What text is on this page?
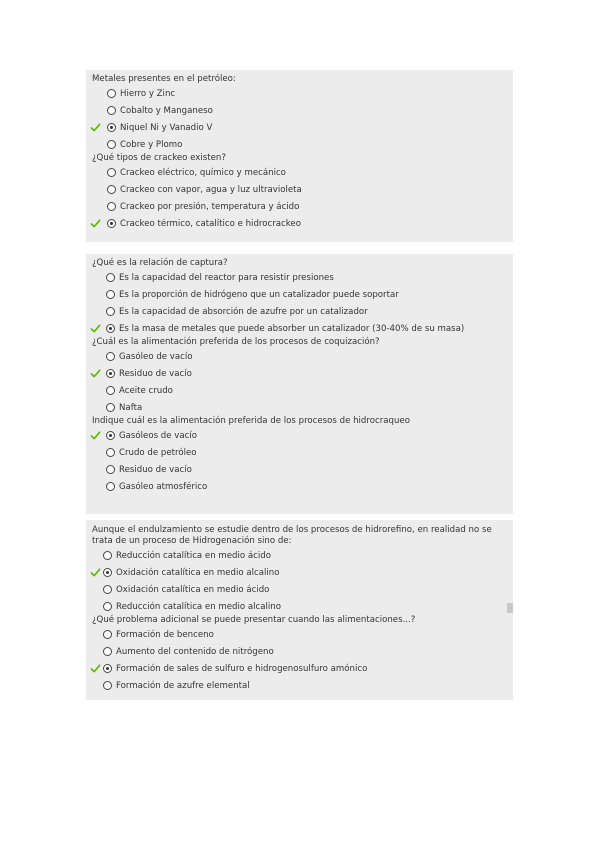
Metales presentes en el petróleo:
Hierro y Zinc
Cobalto y Manganeso
Niquel Ni y Vanadio V
Cobre y Plomo
¿Qué tipos de crackeo existen?
Crackeo eléctrico, químico y mecánico
Crackeo con vapor, agua y luz ultravioleta
Crackeo por presión, temperatura y ácido
Crackeo térmico, catalítico e hidrocrackeo
¿Qué es la relación de captura?
Es la capacidad del reactor para resistir presiones
Es la proporción de hidrógeno que un catalizador puede soportar
Es la capacidad de absorción de azufre por un catalizador
Es la masa de metales que puede absorber un catalizador (30-40% de su masa)
¿Cuál es la alimentación preferida de los procesos de coquización?
Gasóleo de vacío
Residuo de vacío
Aceite crudo
Nafta
Indique cuál es la alimentación preferida de los procesos de hidrocraqueo
Gasóleos de vacío
Crudo de petróleo
Residuo de vacío
Gasóleo atmosférico
Aunque el endulzamiento se estudie dentro de los procesos de hidrorefino, en realidad no se trata de un proceso de Hidrogenación sino de:
Reducción catalítica en medio ácido
Oxidación catalítica en medio alcalino
Oxidación catalítica en medio ácido
Reducción catalítica en medio alcalino
¿Qué problema adicional se puede presentar cuando las alimentaciones...?
Formación de benceno
Aumento del contenido de nitrógeno
Formación de sales de sulfuro e hidrogenosulfuro amónico
Formación de azufre elemental
